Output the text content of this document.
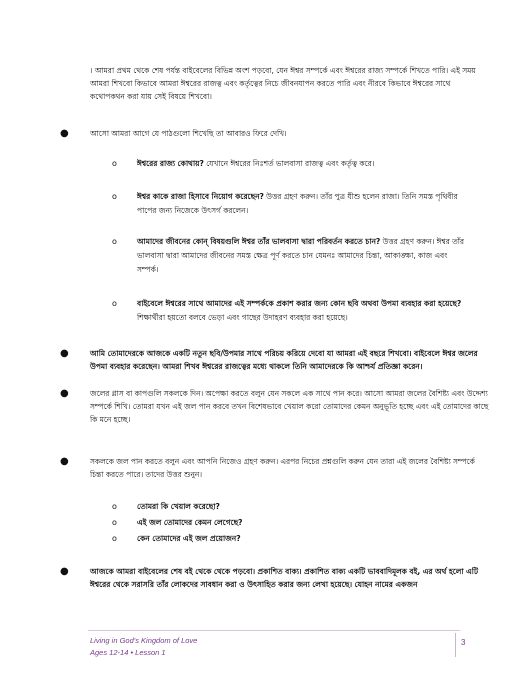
। আমরা প্রথম থেকে শেষ পর্যন্ত বাইবেলের বিভিন্ন অংশ পড়বো, যেন ঈশ্বর সম্পর্কে এবং ঈশ্বরের রাজ্য সম্পর্কে শিখতে পারি। এই সময় আমরা শিখবো কিভাবে আমরা ঈশ্বরের রাজত্ব এবং কর্তৃত্বের নিচে জীবনযাপন করতে পারি এবং নীরবে কিভাবে ঈশ্বরের সাথে কথোপকথন করা যায় সেই বিষয়ে শিখবো।
●	আসো আমরা আগে যে পাঠগুলো শিখেছি তা আবারও ফিরে দেখি।
o	ঈশ্বরের রাজ্য কোথায়? যেখানে ঈশ্বরের নিঃশর্ত ভালবাসা রাজত্ব এবং কর্তৃত্ব করে।
o	ঈশ্বর কাকে রাজা হিসাবে নিয়োগ করেছেন? উত্তর গ্রহণ করুন। তাঁর পুত্র যীশু হলেন রাজা। তিনি সমস্ত পৃথিবীর পাপের জন্য নিজেকে উৎসর্গ করলেন।
o	আমাদের জীবনের কোন্ বিষয়গুলি ঈশ্বর তাঁর ভালবাসা দ্বারা পরিবর্তন করতে চান? উত্তর গ্রহণ করুন। ঈশ্বর তাঁর ভালবাসা দ্বারা আমাদের জীবনের সমস্ত ক্ষেত্র পূর্ণ করতে চান যেমনঃ আমাদের চিন্তা, আকাঙ্ক্ষা, কাজ এবং সম্পর্ক।
o	বাইবেলে ঈশ্বরের সাথে আমাদের এই সম্পর্ককে প্রকাশ করার জন্য কোন ছবি অথবা উপমা ব্যবহার করা হয়েছে? শিক্ষার্থীরা হয়তো বলবে ভেড়া এবং গাছের উদাহরণ ব্যবহার করা হয়েছে।
●	আমি তোমাদেরকে আজকে একটি নতুন ছবি/উপমার সাথে পরিচয় করিয়ে দেবো যা আমরা এই বছরে শিখবো। বাইবেলে ঈশ্বর জলের উপমা ব্যবহার করেছেন। আমরা শিখব ঈশ্বরের রাজত্বের মধ্যে থাকলে তিনি আমাদেরকে কি আশ্চর্য প্রতিজ্ঞা করেন।
●	জলের গ্লাস বা কাপগুলি সকলকে দিন। অপেক্ষা করতে বলুন যেন সকলে এক সাথে পান করে। আসো আমরা জলের বৈশিষ্ট্য এবং উদ্দেশ্য সম্পর্কে শিখি। তোমরা যখন এই জল পান করবে তখন বিশেষভাবে খেয়াল করো তোমাদের কেমন অনুভূতি হচ্ছে এবং এই তোমাদের কাছে কি মনে হচ্ছে।
●	সকলকে জল পান করতে বলুন এবং আপনি নিজেও গ্রহণ করুন। এরপর নিচের প্রশ্নগুলি করুন যেন তারা এই জলের বৈশিষ্ট্য সম্পর্কে চিন্তা করতে পারে। তাদের উত্তর শুনুন।
o	তোমরা কি খেয়াল করেছো?
o	এই জল তোমাদের কেমন লেগেছে?
o	কেন তোমাদের এই জল প্রয়োজন?
●	আজকে আমরা বাইবেলের শেষ বই থেকে থেকে পড়বো। প্রকাশিত বাক্য। প্রকাশিত বাক্য একটি ভাববাদিমূলক বই, এর অর্থ হলো এটি ঈশ্বরের থেকে সরাসরি তাঁর লোকদের সাবধান করা ও উৎসাহিত করার জন্য লেখা হয়েছে। যোহন নামের একজন
Living in God's Kingdom of Love
Ages 12-14 • Lesson 1
3
